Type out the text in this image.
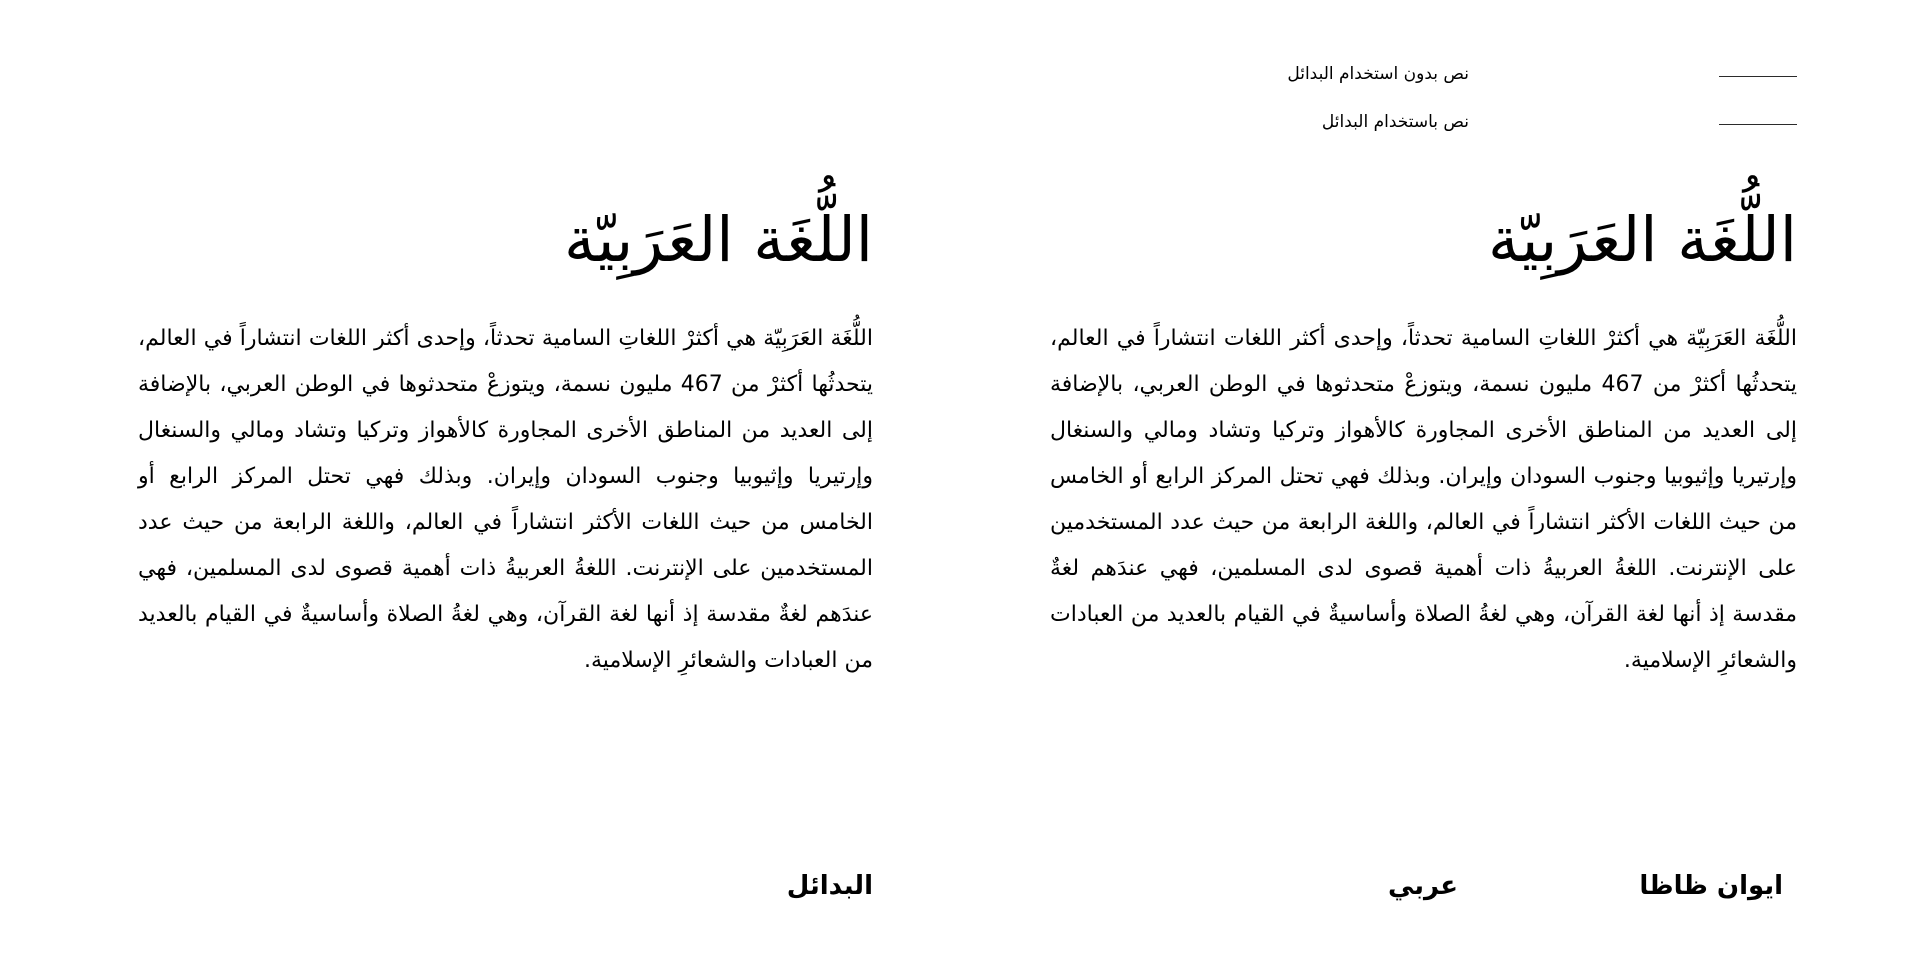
نص بدون استخدام البدائل
نص باستخدام البدائل
اللُّغَة العَرَبِيّة

اللُّغَة العَرَبِيّة هي أكثرْ اللغاتِ السامية تحدثاً، وإحدى أكثر اللغات انتشاراً في العالم، يتحدثُها أكثرْ من 467 مليون نسمة، ويتوزعْ متحدثوها في الوطن العربي، بالإضافة إلى العديد من المناطق الأخرى المجاورة كالأهواز وتركيا وتشاد ومالي والسنغال وإرتيريا وإثيوبيا وجنوب السودان وإيران. وبذلك فهي تحتل المركز الرابع أو الخامس من حيث اللغات الأكثر انتشاراً في العالم، واللغة الرابعة من حيث عدد المستخدمين على الإنترنت. اللغةُ العربيةُ ذات أهمية قصوى لدى المسلمين، فهي عندَهم لغةٌ مقدسة إذ أنها لغة القرآن، وهي لغةُ الصلاة وأساسيةٌ في القيام بالعديد من العبادات والشعائرِ الإسلامية.

اللُّغَة العَرَبِيّة

اللُّغَة العَرَبِيّة هي أكثرْ اللغاتِ السامية تحدثاً، وإحدى أكثر اللغات انتشاراً في العالم، يتحدثُها أكثرْ من 467 مليون نسمة، ويتوزعْ متحدثوها في الوطن العربي، بالإضافة إلى العديد من المناطق الأخرى المجاورة كالأهواز وتركيا وتشاد ومالي والسنغال وإرتيريا وإثيوبيا وجنوب السودان وإيران. وبذلك فهي تحتل المركز الرابع أو الخامس من حيث اللغات الأكثر انتشاراً في العالم، واللغة الرابعة من حيث عدد المستخدمين على الإنترنت. اللغةُ العربيةُ ذات أهمية قصوى لدى المسلمين، فهي عندَهم لغةٌ مقدسة إذ أنها لغة القرآن، وهي لغةُ الصلاة وأساسيةٌ في القيام بالعديد من العبادات والشعائرِ الإسلامية.

ايوان ظاظا
عربي
البدائل
